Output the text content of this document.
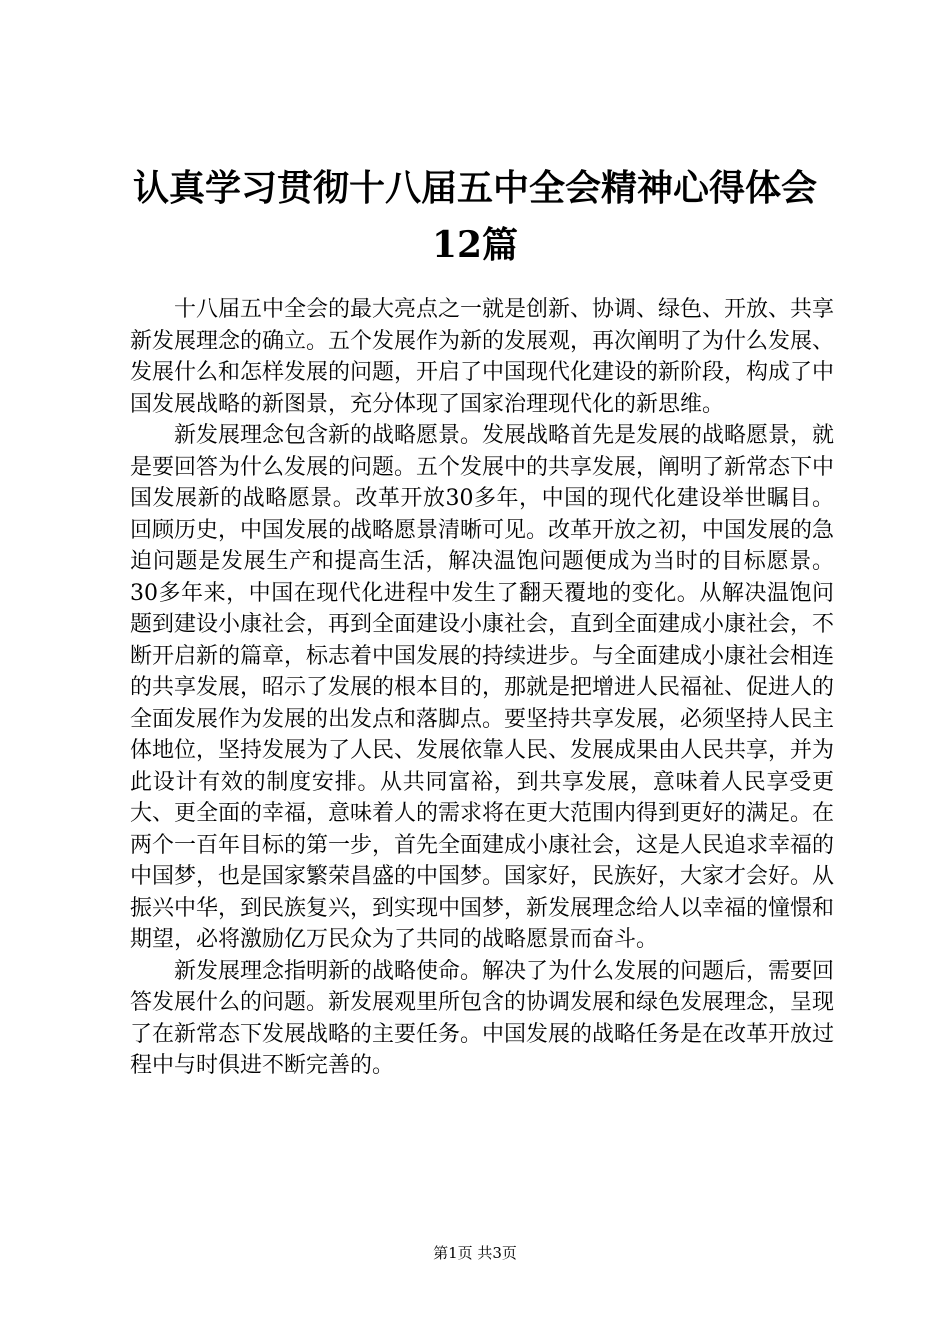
认真学习贯彻十八届五中全会精神心得体会
12篇

十八届五中全会的最大亮点之一就是创新、协调、绿色、开放、共享新发展理念的确立。五个发展作为新的发展观，再次阐明了为什么发展、发展什么和怎样发展的问题，开启了中国现代化建设的新阶段，构成了中国发展战略的新图景，充分体现了国家治理现代化的新思维。

新发展理念包含新的战略愿景。发展战略首先是发展的战略愿景，就是要回答为什么发展的问题。五个发展中的共享发展，阐明了新常态下中国发展新的战略愿景。改革开放30多年，中国的现代化建设举世瞩目。回顾历史，中国发展的战略愿景清晰可见。改革开放之初，中国发展的急迫问题是发展生产和提高生活，解决温饱问题便成为当时的目标愿景。30多年来，中国在现代化进程中发生了翻天覆地的变化。从解决温饱问题到建设小康社会，再到全面建设小康社会，直到全面建成小康社会，不断开启新的篇章，标志着中国发展的持续进步。与全面建成小康社会相连的共享发展，昭示了发展的根本目的，那就是把增进人民福祉、促进人的全面发展作为发展的出发点和落脚点。要坚持共享发展，必须坚持人民主体地位，坚持发展为了人民、发展依靠人民、发展成果由人民共享，并为此设计有效的制度安排。从共同富裕，到共享发展，意味着人民享受更大、更全面的幸福，意味着人的需求将在更大范围内得到更好的满足。在两个一百年目标的第一步，首先全面建成小康社会，这是人民追求幸福的中国梦，也是国家繁荣昌盛的中国梦。国家好，民族好，大家才会好。从振兴中华，到民族复兴，到实现中国梦，新发展理念给人以幸福的憧憬和期望，必将激励亿万民众为了共同的战略愿景而奋斗。

新发展理念指明新的战略使命。解决了为什么发展的问题后，需要回答发展什么的问题。新发展观里所包含的协调发展和绿色发展理念，呈现了在新常态下发展战略的主要任务。中国发展的战略任务是在改革开放过程中与时俱进不断完善的。

第1页 共3页
